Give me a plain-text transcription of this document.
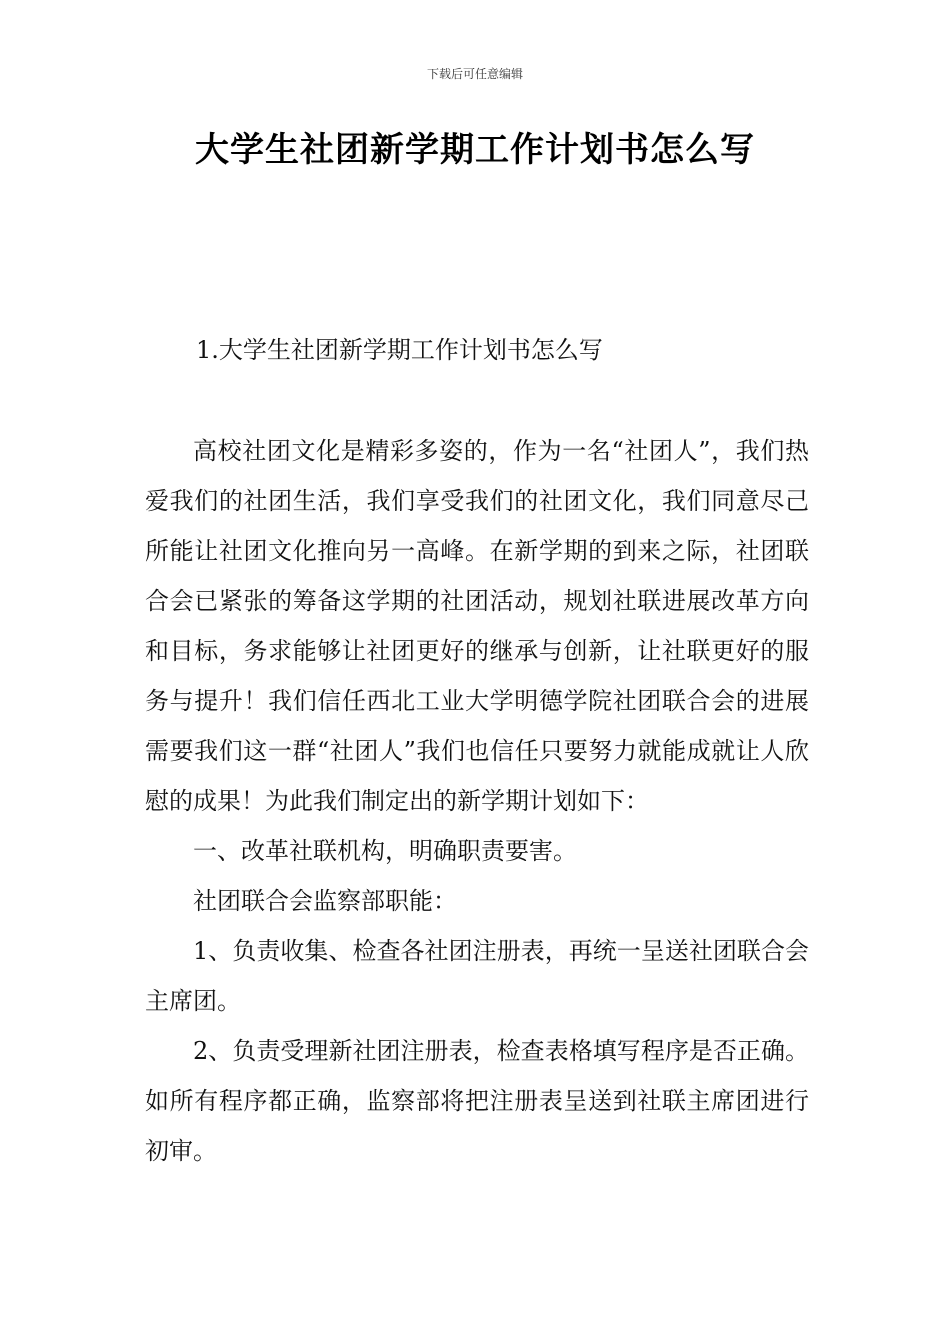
下载后可任意编辑
大学生社团新学期工作计划书怎么写
1.大学生社团新学期工作计划书怎么写

高校社团文化是精彩多姿的，作为一名“社团人”，我们热爱我们的社团生活，我们享受我们的社团文化，我们同意尽己所能让社团文化推向另一高峰。在新学期的到来之际，社团联合会已紧张的筹备这学期的社团活动，规划社联进展改革方向和目标，务求能够让社团更好的继承与创新，让社联更好的服务与提升！我们信任西北工业大学明德学院社团联合会的进展需要我们这一群“社团人”我们也信任只要努力就能成就让人欣慰的成果！为此我们制定出的新学期计划如下：

一、改革社联机构，明确职责要害。

社团联合会监察部职能：

1、负责收集、检查各社团注册表，再统一呈送社团联合会主席团。

2、负责受理新社团注册表，检查表格填写程序是否正确。如所有程序都正确，监察部将把注册表呈送到社联主席团进行初审。
